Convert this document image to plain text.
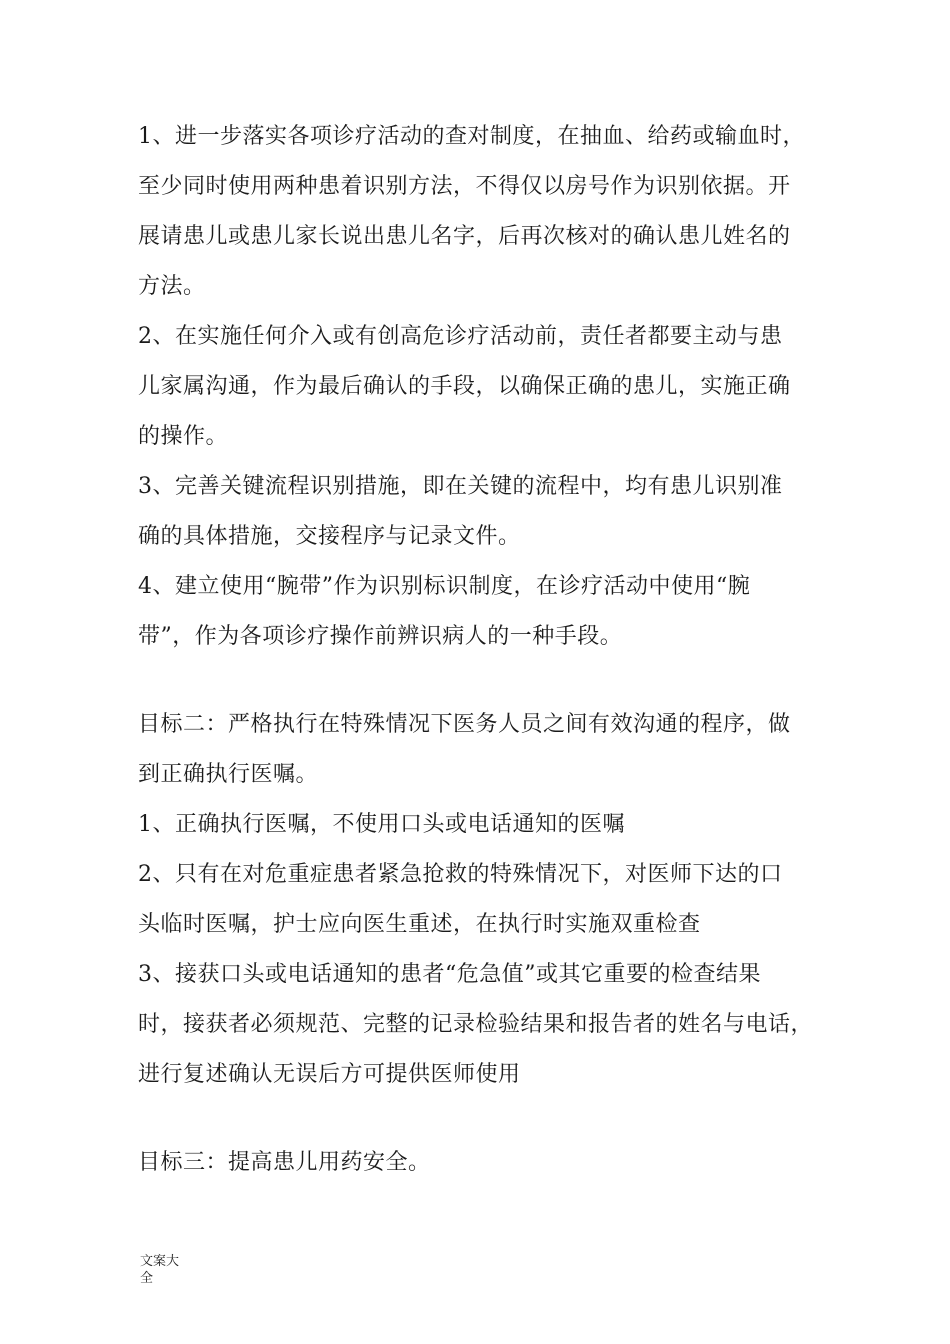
1、进一步落实各项诊疗活动的查对制度，在抽血、给药或输血时，
至少同时使用两种患着识别方法，不得仅以房号作为识别依据。开
展请患儿或患儿家长说出患儿名字，后再次核对的确认患儿姓名的
方法。
2、在实施任何介入或有创高危诊疗活动前，责任者都要主动与患
儿家属沟通，作为最后确认的手段，以确保正确的患儿，实施正确
的操作。
3、完善关键流程识别措施，即在关键的流程中，均有患儿识别准
确的具体措施，交接程序与记录文件。
4、建立使用“腕带”作为识别标识制度，在诊疗活动中使用“腕
带”，作为各项诊疗操作前辨识病人的一种手段。
目标二：严格执行在特殊情况下医务人员之间有效沟通的程序，做
到正确执行医嘱。
1、正确执行医嘱，不使用口头或电话通知的医嘱
2、只有在对危重症患者紧急抢救的特殊情况下，对医师下达的口
头临时医嘱，护士应向医生重述，在执行时实施双重检查
3、接获口头或电话通知的患者“危急值”或其它重要的检查结果
时，接获者必须规范、完整的记录检验结果和报告者的姓名与电话，
进行复述确认无误后方可提供医师使用
目标三：提高患儿用药安全。
文案大
全
